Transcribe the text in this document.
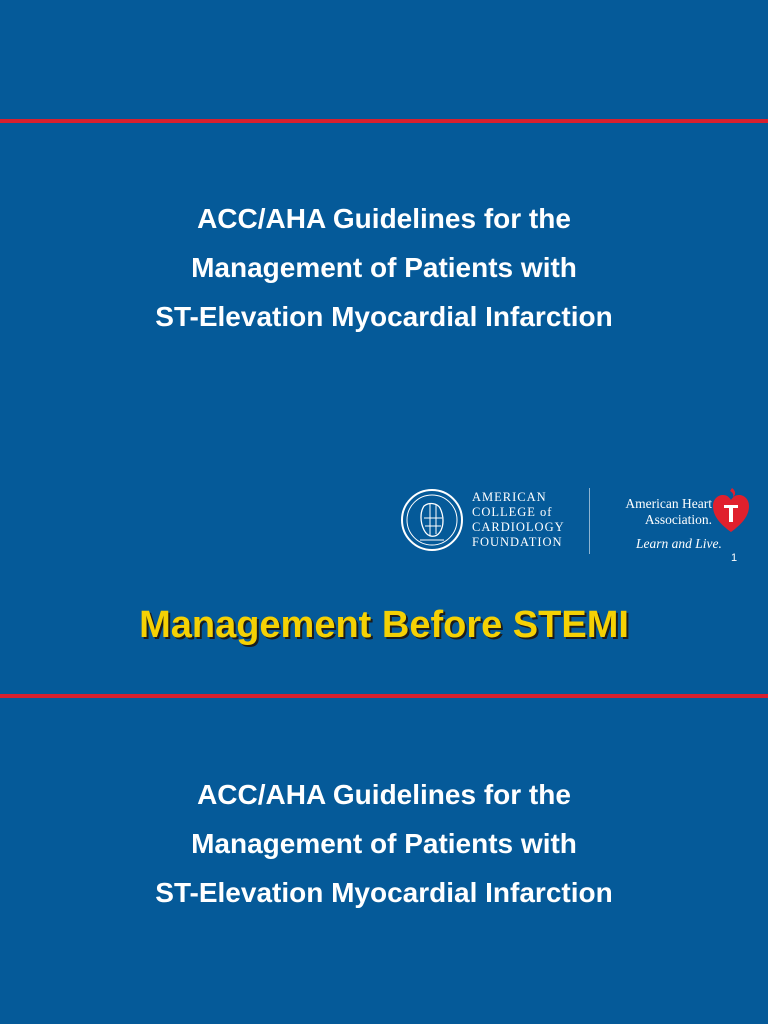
ACC/AHA Guidelines for the
Management of Patients with
ST-Elevation Myocardial Infarction
AMERICAN
COLLEGE of
CARDIOLOGY
FOUNDATION
American Heart
Association.
Learn and Live.
1
Management Before STEMI
ACC/AHA Guidelines for the
Management of Patients with
ST-Elevation Myocardial Infarction
